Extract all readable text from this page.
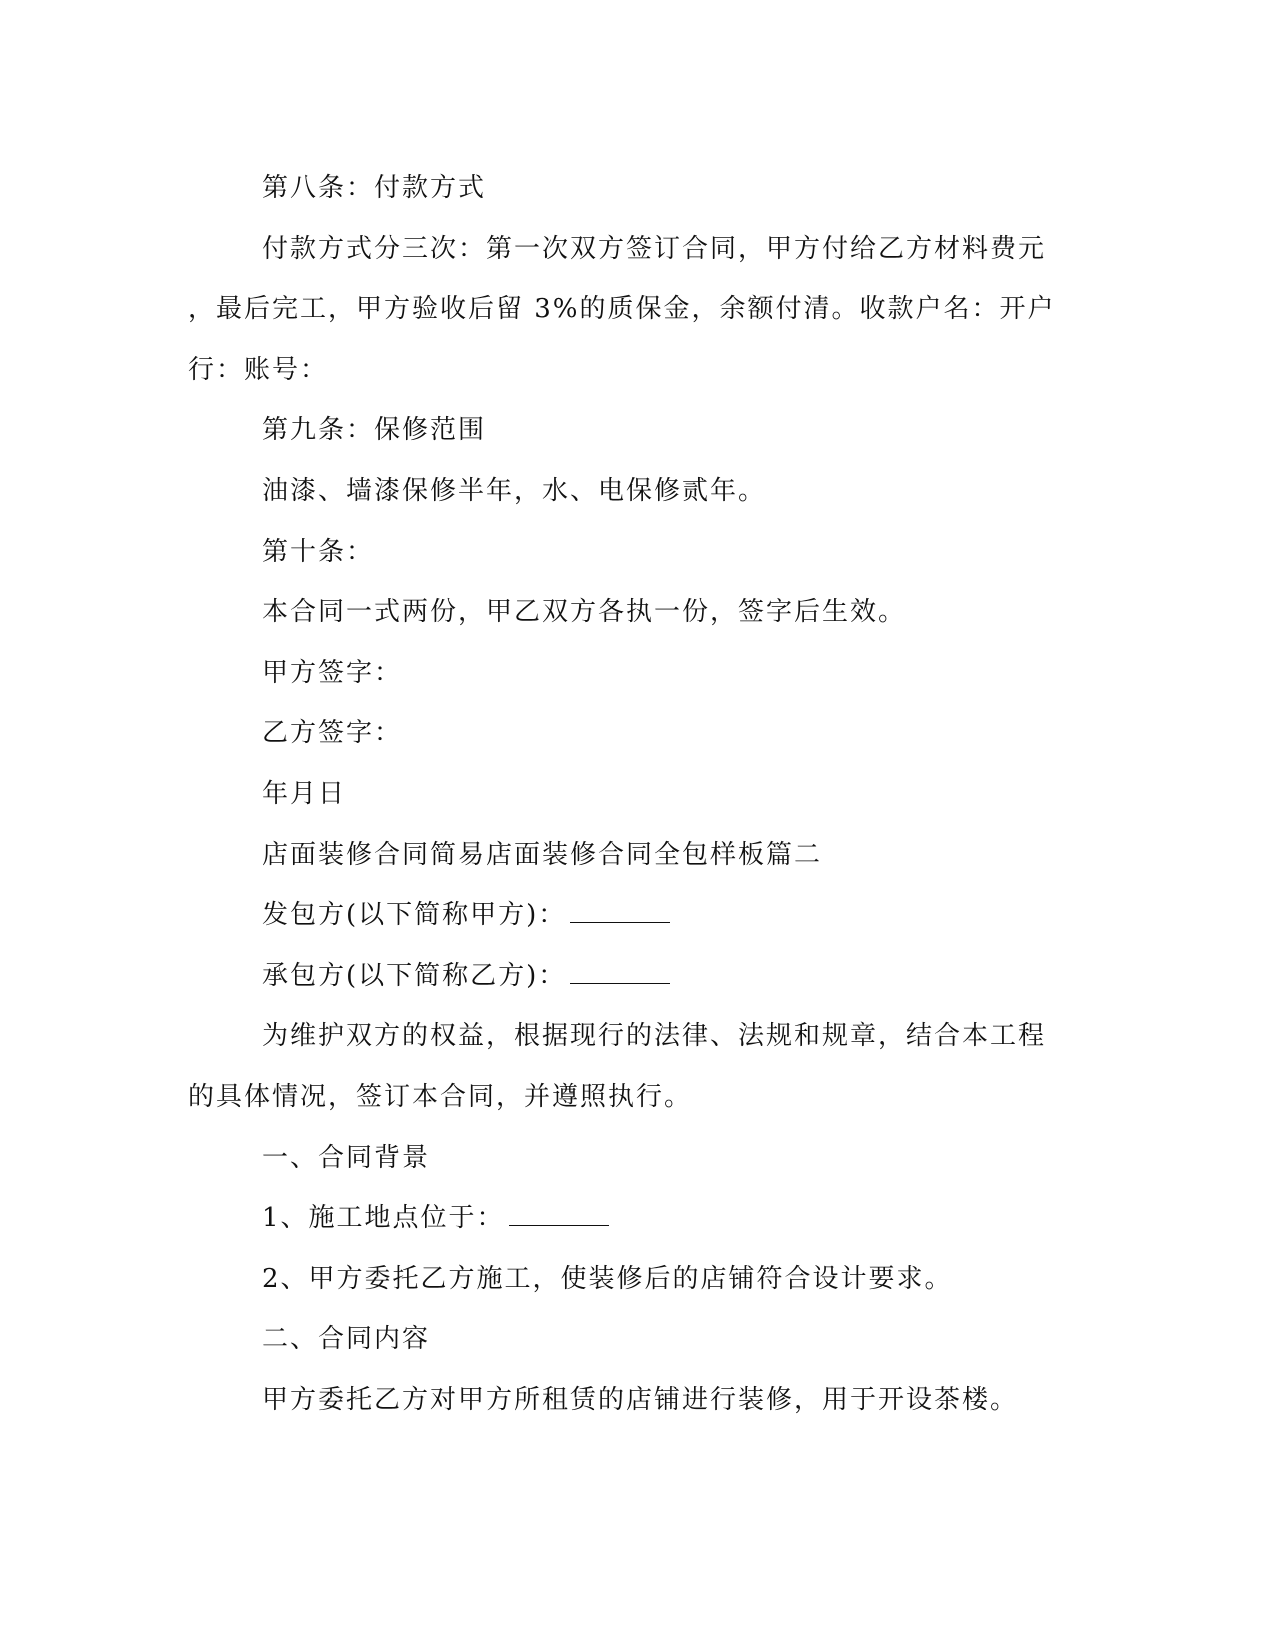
第八条：付款方式
付款方式分三次：第一次双方签订合同，甲方付给乙方材料费元
，最后完工，甲方验收后留 3%的质保金，余额付清。收款户名：开户
行：账号：
第九条：保修范围
油漆、墙漆保修半年，水、电保修贰年。
第十条：
本合同一式两份，甲乙双方各执一份，签字后生效。
甲方签字：
乙方签字：
年月日
店面装修合同简易店面装修合同全包样板篇二
发包方(以下简称甲方)：
承包方(以下简称乙方)：
为维护双方的权益，根据现行的法律、法规和规章，结合本工程
的具体情况，签订本合同，并遵照执行。
一、合同背景
1、施工地点位于：
2、甲方委托乙方施工，使装修后的店铺符合设计要求。
二、合同内容
甲方委托乙方对甲方所租赁的店铺进行装修，用于开设茶楼。
